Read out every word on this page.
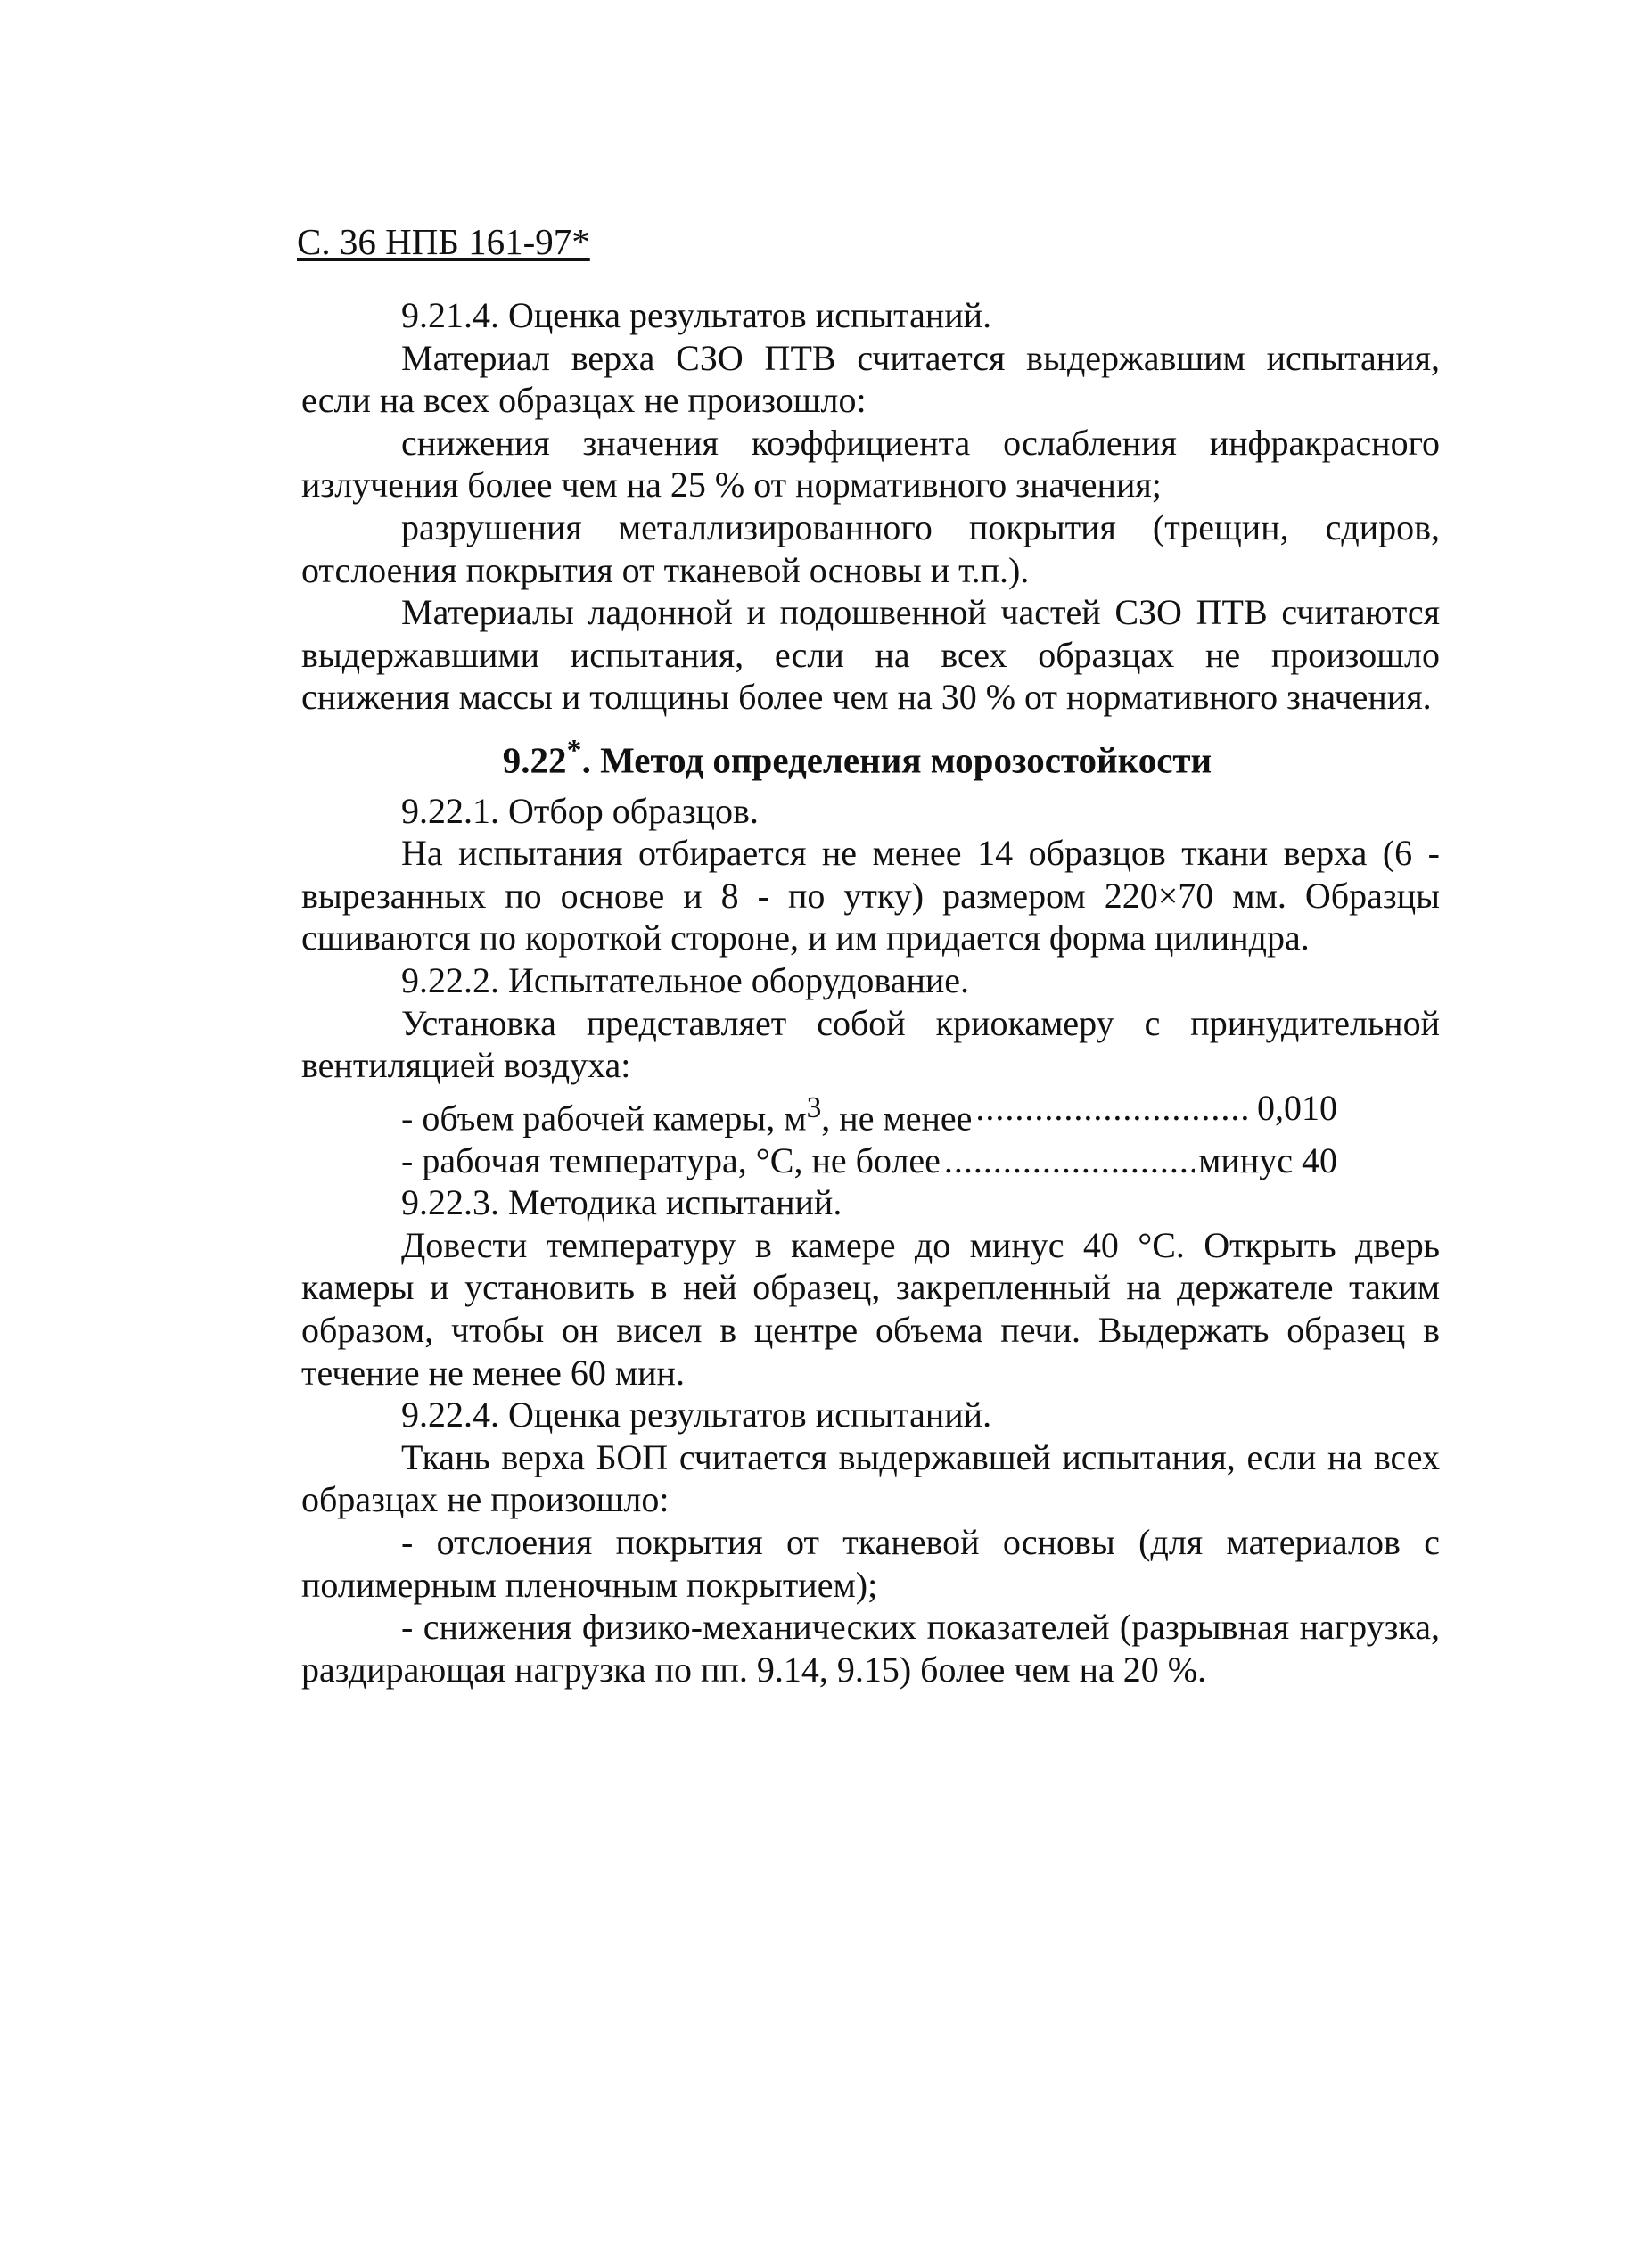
С. 36 НПБ 161-97*

9.21.4. Оценка результатов испытаний.

Материал верха СЗО ПТВ считается выдержавшим испытания, если на всех образцах не произошло:

снижения значения коэффициента ослабления инфракрасного излучения более чем на 25 % от нормативного значения;

разрушения металлизированного покрытия (трещин, сдиров, отслоения покрытия от тканевой основы и т.п.).

Материалы ладонной и подошвенной частей СЗО ПТВ считаются выдержавшими испытания, если на всех образцах не произошло снижения массы и толщины более чем на 30 % от нормативного значения.

9.22*. Метод определения морозостойкости

9.22.1. Отбор образцов.

На испытания отбирается не менее 14 образцов ткани верха (6 - вырезанных по основе и 8 - по утку) размером 220×70 мм. Образцы сшиваются по короткой стороне, и им придается форма цилиндра.

9.22.2. Испытательное оборудование.

Установка представляет собой криокамеру с принудительной вентиляцией воздуха:

- объем рабочей камеры, $м^3$, не менее .....	0,010
- рабочая температура, °С, не более .....	минус 40

9.22.3. Методика испытаний.

Довести температуру в камере до минус 40 °С. Открыть дверь камеры и установить в ней образец, закрепленный на держателе таким образом, чтобы он висел в центре объема печи. Выдержать образец в течение не менее 60 мин.

9.22.4. Оценка результатов испытаний.

Ткань верха БОП считается выдержавшей испытания, если на всех образцах не произошло:

- отслоения покрытия от тканевой основы (для материалов с полимерным пленочным покрытием);

- снижения физико-механических показателей (разрывная нагрузка, раздирающая нагрузка по пп. 9.14, 9.15) более чем на 20 %.
